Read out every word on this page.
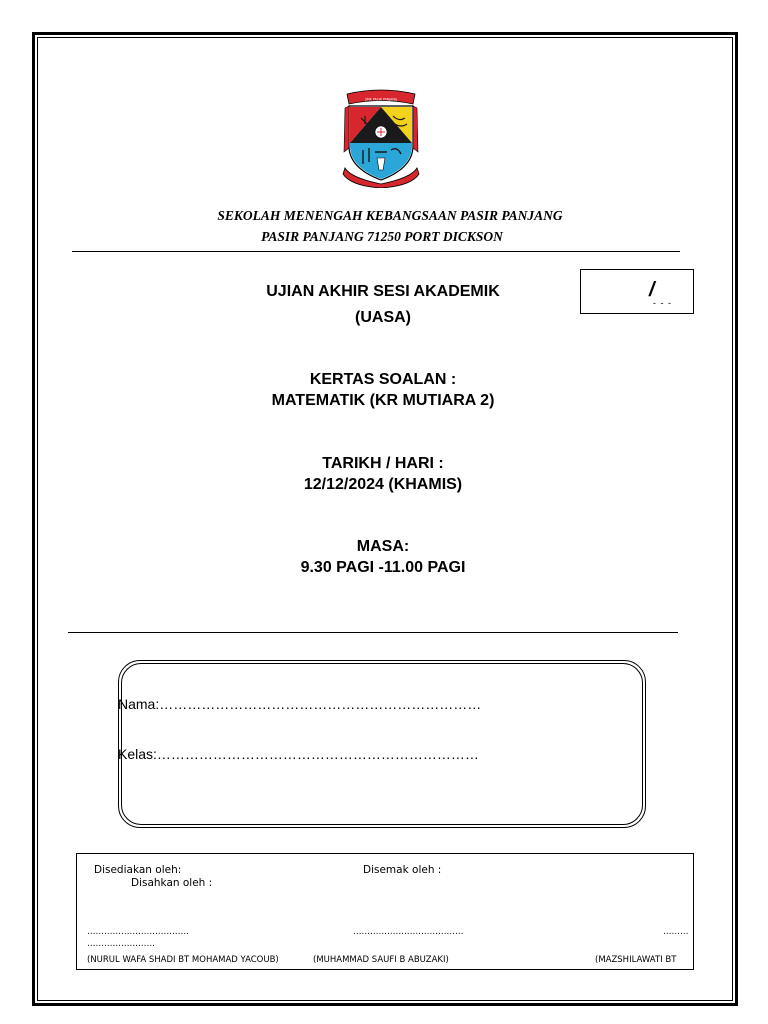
SMK PASIR PANJANG
SEKOLAH MENENGAH KEBANGSAAN PASIR PANJANG
PASIR PANJANG 71250 PORT DICKSON
UJIAN AKHIR SESI AKADEMIK
(UASA)
/
- - -
KERTAS SOALAN :
MATEMATIK (KR MUTIARA 2)
TARIKH / HARI :
12/12/2024 (KHAMIS)
MASA:
9.30 PAGI -11.00 PAGI
Nama:……………………………………………………………
Kelas:……………………………………………………………
Disediakan oleh:	Disemak oleh :
Disahkan oleh :
………………………………	…………………………………	………
……………………
(NURUL WAFA SHADI BT MOHAMAD YACOUB)	(MUHAMMAD SAUFI B ABUZAKI)	(MAZSHILAWATI BT
